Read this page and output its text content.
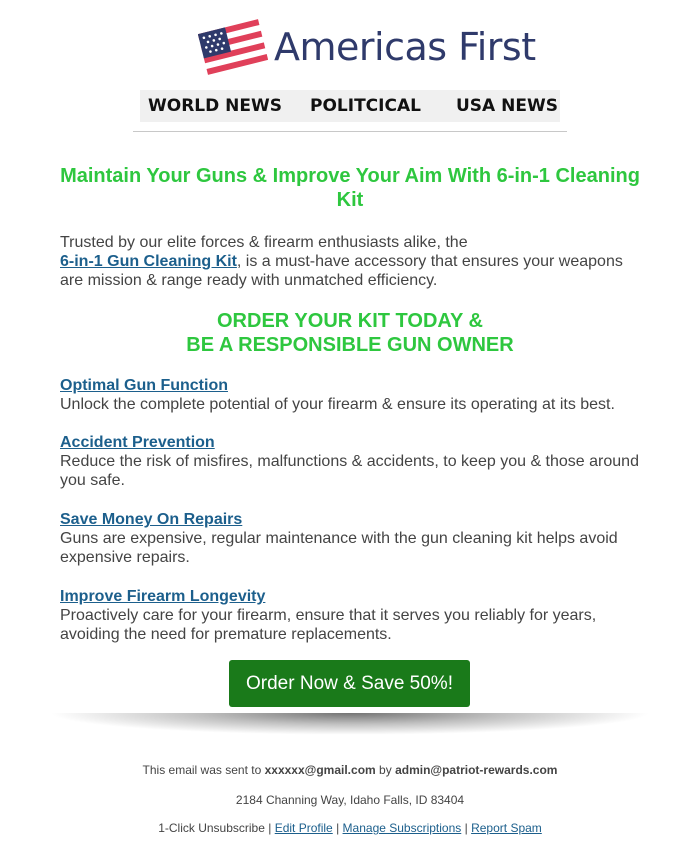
Americas First
WORLD NEWS POLITCICAL USA NEWS
Maintain Your Guns & Improve Your Aim With 6-in-1 Cleaning Kit
Trusted by our elite forces & firearm enthusiasts alike, the
6-in-1 Gun Cleaning Kit, is a must-have accessory that ensures your weapons are mission & range ready with unmatched efficiency.
ORDER YOUR KIT TODAY &
BE A RESPONSIBLE GUN OWNER
Optimal Gun Function
Unlock the complete potential of your firearm & ensure its operating at its best.
Accident Prevention
Reduce the risk of misfires, malfunctions & accidents, to keep you & those around you safe.
Save Money On Repairs
Guns are expensive, regular maintenance with the gun cleaning kit helps avoid expensive repairs.
Improve Firearm Longevity
Proactively care for your firearm, ensure that it serves you reliably for years, avoiding the need for premature replacements.
Order Now & Save 50%!
This email was sent to xxxxxx@gmail.com by admin@patriot-rewards.com
2184 Channing Way, Idaho Falls, ID 83404
1-Click Unsubscribe | Edit Profile | Manage Subscriptions | Report Spam
